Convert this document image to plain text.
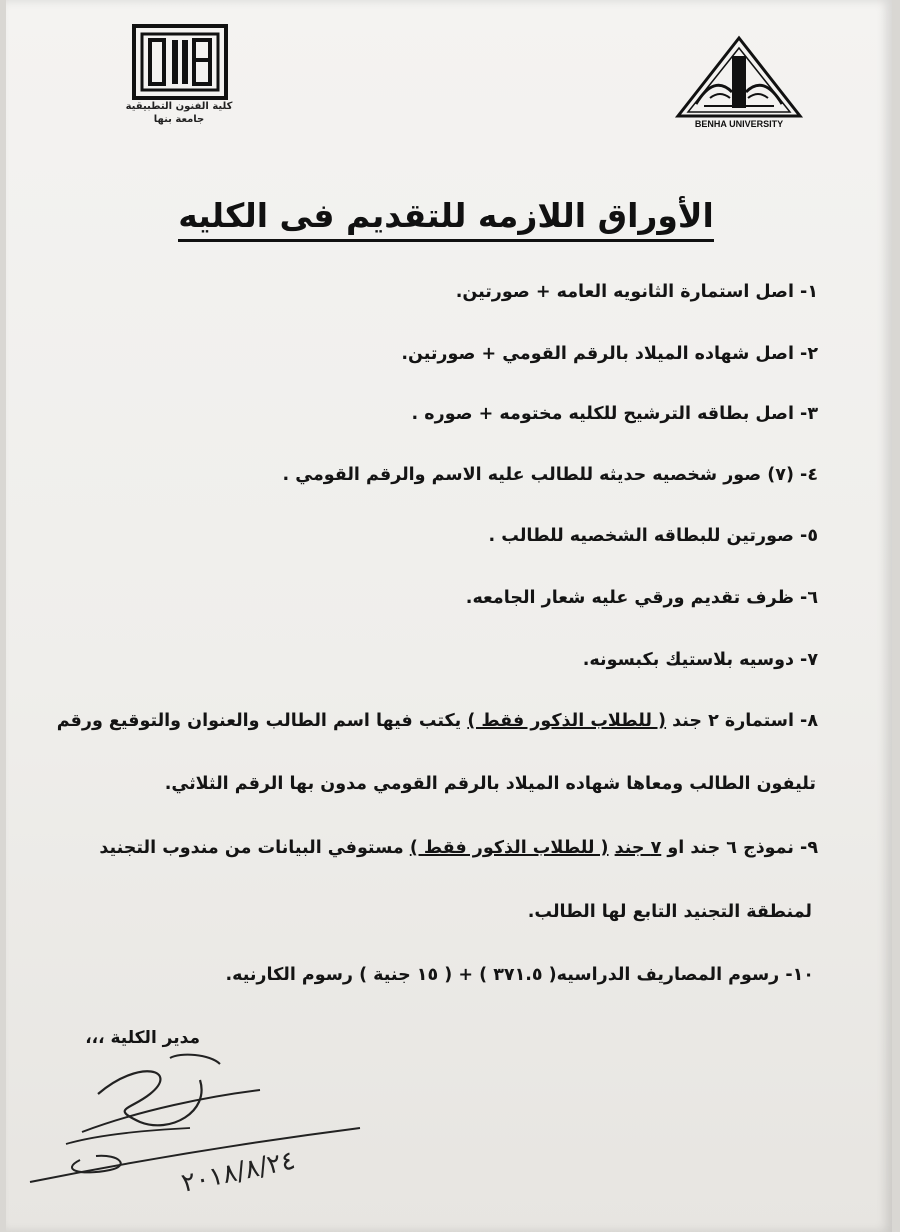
كلية الفنون التطبيقية
جامعة بنها	BENHA UNIVERSITY
الأوراق اللازمه للتقديم فى الكليه
١- اصل استمارة الثانويه العامه + صورتين.
٢- اصل شهاده الميلاد بالرقم القومي + صورتين.
٣- اصل بطاقه الترشيح للكليه مختومه + صوره .
٤- (٧) صور شخصيه حديثه للطالب عليه الاسم والرقم القومي .
٥- صورتين للبطاقه الشخصيه للطالب .
٦- ظرف تقديم ورقي عليه شعار الجامعه.
٧- دوسيه بلاستيك بكبسونه.
٨- استمارة ٢ جند ( للطلاب الذكور فقط ) يكتب فيها اسم الطالب والعنوان والتوقيع ورقم
تليفون الطالب ومعاها شهاده الميلاد بالرقم القومي مدون بها الرقم الثلاثي.
٩- نموذج ٦ جند او ٧ جند ( للطلاب الذكور فقط ) مستوفي البيانات من مندوب التجنيد
لمنطقة التجنيد التابع لها الطالب.
١٠- رسوم المصاريف الدراسيه( ٣٧١.٥ ) + ( ١٥ جنية ) رسوم الكارنيه.
مدير الكلية ،،،
٢٠١٨/٨/٢٤
